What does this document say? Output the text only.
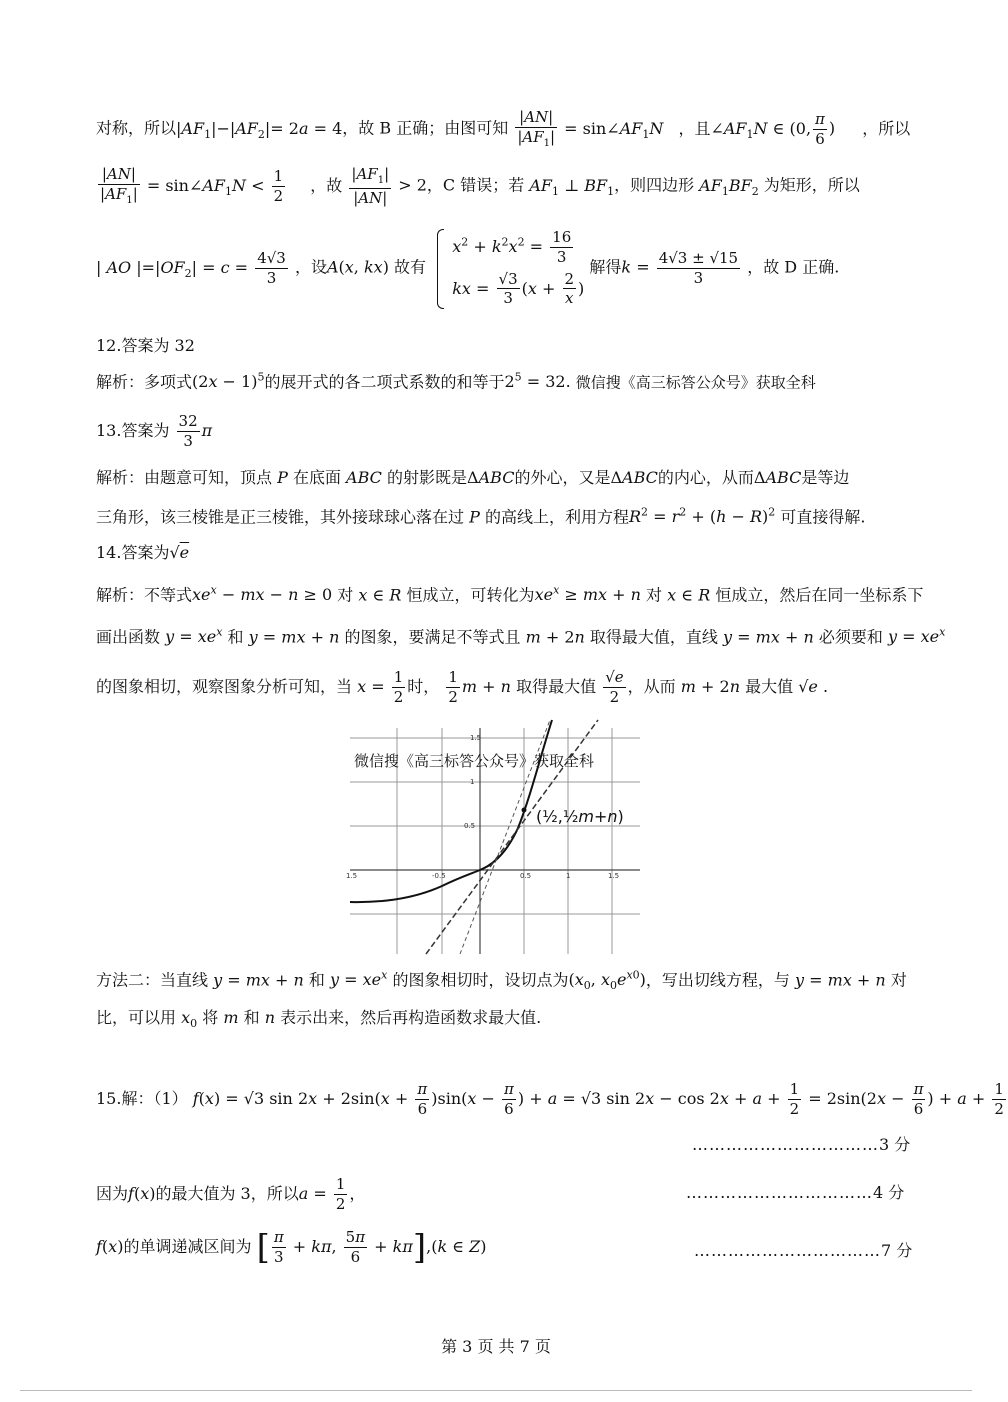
对称，所以$|AF_1|-|AF_2|= 2a = 4$，故 B 正确；由图可知 $\frac{|AN|}{|AF_1|}$ = $\sin\angle AF_1N$ ，且$\angle AF_1N$ ∈ (0, $\frac{\pi}{6}$ ) ，所以
$\frac{|AN|}{|AF_1|}$ = $\sin\angle AF_1N < \frac{1}{2}$ ，故 $\frac{|AF_1|}{|AN|} > 2$，C 错误；若 $AF_1$ ⊥ $BF_1$，则四边形 $AF_1BF_2$ 为矩形，所以
| AO $|=|OF_2| = c = \frac{4√3}{3}$ ，设A(x, kx) 故有
$x^2 + k^2x^2 = \frac{16}{3}$
kx = $\frac{√3}{3} (x + \frac{2}{x}$ )
解得$k = \frac{4√3 \pm √15}{3}$ ，故 D 正确.
12.答案为 32
解析：多项式$(2x - 1)^5$的展开式的各二项式系数的和等于$2^5 = 32$. 微信搜《高三标答公众号》获取全科
13.答案为 $\frac{32}{3}$ π
解析：由题意可知，顶点 P 在底面 ABC 的射影既是ΔABC的外心，又是ΔABC的内心，从而ΔABC是等边
三角形，该三棱锥是正三棱锥，其外接球球心落在过 P 的高线上，利用方程$R^2 = r^2 + (h - R)^2$ 可直接得解.
14.答案为√e
解析：不等式$xe^x$ − mx − n ≥ 0 对 x ∈ R 恒成立，可转化为$xe^x$ ≥ mx + n 对 x ∈ R 恒成立，然后在同一坐标系下
画出函数 $y = xe^x$ 和 y = mx + n 的图象，要满足不等式且 m + 2n 取得最大值，直线 y = mx + n 必须要和 $y = xe^x$
的图象相切，观察图象分析可知，当 $x = \frac{1}{2}$ 时， $\frac{1}{2}$ m + n 取得最大值 $\frac{√e}{2}$ ，从而 m + 2n 最大值 √e .
1.5
1
0.5
-0.5	0.5	1	1.5
1.5
(½,½m+n)
微信搜《高三标答公众号》获取全科
方法二：当直线 y = mx + n 和 $y = xe^x$ 的图象相切时，设切点为($x_0$, $x_0e^{x0}$)，写出切线方程，与 y = mx + n 对
比，可以用 $x_0$ 将 m 和 n 表示出来，然后再构造函数求最大值.
15.解：（1） f(x) = √3 $\sin 2x + 2\sin(x + \frac{\pi}{6} )\sin(x - \frac{\pi}{6}$ ) + a = √3 $\sin 2x - \cos 2x + a + \frac{1}{2} = 2\sin(2x - \frac{\pi}{6}$ ) + $a + \frac{1}{2}$
……………………………3 分
因为f(x)的最大值为 3，所以$a = \frac{1}{2}$ ，	……………………………4 分
f(x)的单调递减区间为 [ $\frac{\pi}{3} + k\pi$, $\frac{5\pi}{6} + k\pi],(k$ ∈ Z)	……………………………7 分
第 3 页 共 7 页
